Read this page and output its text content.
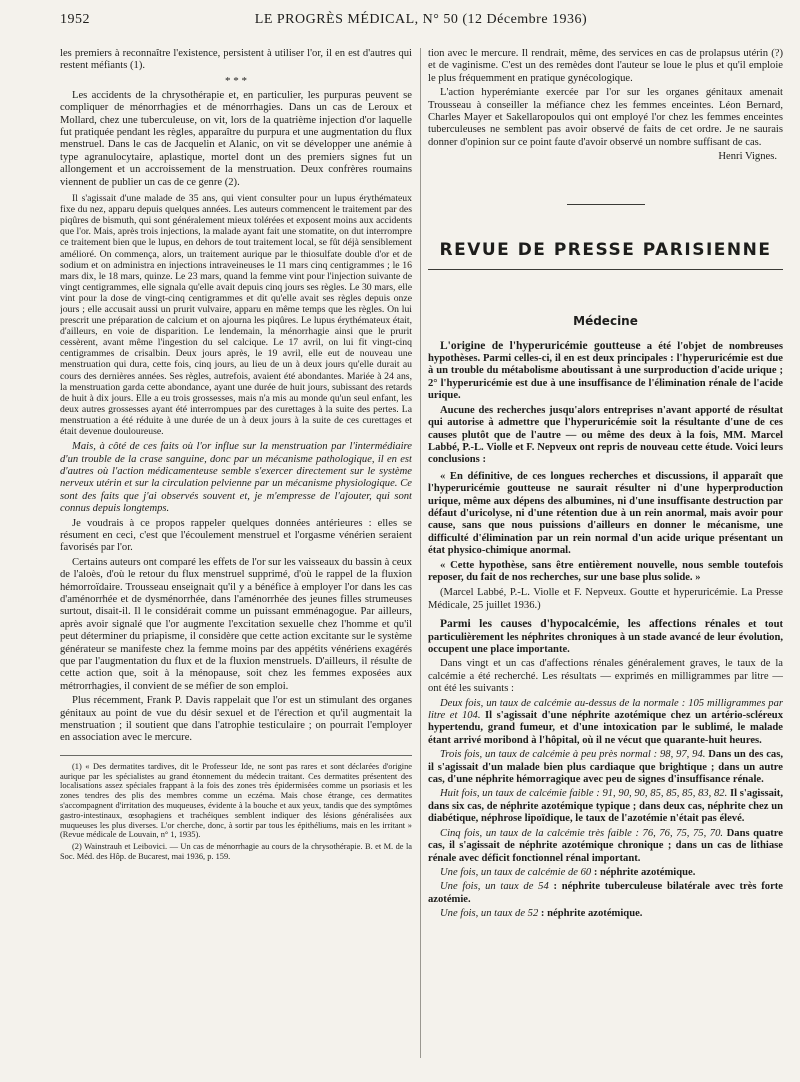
1952	LE PROGRÈS MÉDICAL, N° 50 (12 Décembre 1936)

les premiers à reconnaître l'existence, persistent à utiliser l'or, il en est d'autres qui restent méfiants (1).

* * *

Les accidents de la chrysothérapie et, en particulier, les purpuras peuvent se compliquer de ménorrhagies et de ménorrhagies. Dans un cas de Leroux et Mollard, chez une tuberculeuse, on vit, lors de la quatrième injection d'or laquelle fut pratiquée pendant les règles, apparaître du purpura et une augmentation du flux menstruel. Dans le cas de Jacquelin et Alanic, on vit se développer une anémie à type agranulocytaire, aplastique, mortel dont un des premiers signes fut un allongement et un accroissement de la menstruation. Deux confrères roumains viennent de publier un cas de ce genre (2).

Il s'agissait d'une malade de 35 ans, qui vient consulter pour un lupus érythémateux fixe du nez, apparu depuis quelques années. Les auteurs commencent le traitement par des piqûres de bismuth, qui sont généralement mieux tolérées et exposent moins aux accidents que l'or. Mais, après trois injections, la malade ayant fait une stomatite, on dut interrompre ce traitement bien que le lupus, en dehors de tout traitement local, se fût déjà sensiblement amélioré. On commença, alors, un traitement aurique par le thiosulfate double d'or et de sodium et on administra en injections intraveineuses le 11 mars cinq centigrammes ; le 16 mars dix, le 18 mars, quinze. Le 23 mars, quand la femme vint pour l'injection suivante de vingt centigrammes, elle signala qu'elle avait depuis cinq jours ses règles. Le 30 mars, elle vint pour la dose de vingt-cinq centigrammes et dit qu'elle avait ses règles depuis onze jours ; elle accusait aussi un prurit vulvaire, apparu en même temps que les règles. On lui prescrit une préparation de calcium et on ajourna les piqûres. Le lupus érythémateux était, d'ailleurs, en voie de disparition. Le lendemain, la ménorrhagie ainsi que le prurit cessèrent, avant même l'ingestion du sel calcique. Le 17 avril, on lui fit vingt-cinq centigrammes de crisalbin. Deux jours après, le 19 avril, elle eut de nouveau une menstruation qui dura, cette fois, cinq jours, au lieu de un à deux jours qu'elle durait au cours des dernières années. Ses règles, autrefois, avaient été abondantes. Mariée à 24 ans, la menstruation garda cette abondance, ayant une durée de huit jours, subissant des retards de huit à dix jours. Elle a eu trois grossesses, mais n'a mis au monde qu'un seul enfant, les deux autres grossesses ayant été interrompues par des curettages à la suite des pertes. La menstruation a été réduite à une durée de un à deux jours à la suite de ces curettages et était devenue douloureuse.

Mais, à côté de ces faits où l'or influe sur la menstruation par l'intermédiaire d'un trouble de la crase sanguine, donc par un mécanisme pathologique, il en est d'autres où l'action médicamenteuse semble s'exercer directement sur le système nerveux utérin et sur la circulation pelvienne par un mécanisme physiologique. Ce sont des faits que j'ai observés souvent et, je m'empresse de l'ajouter, qui sont connus depuis longtemps.

Je voudrais à ce propos rappeler quelques données antérieures : elles se résument en ceci, c'est que l'écoulement menstruel et l'orgasme vénérien seraient favorisés par l'or.

Certains auteurs ont comparé les effets de l'or sur les vaisseaux du bassin à ceux de l'aloès, d'où le retour du flux menstruel supprimé, d'où le rappel de la fluxion hémorroïdaire. Trousseau enseignait qu'il y a bénéfice à employer l'or dans les cas d'aménorrhée et de dysménorrhée, dans l'aménorrhée des jeunes filles strumeuses surtout, disait-il. Il le considérait comme un puissant emménagogue. Par ailleurs, après avoir signalé que l'or augmente l'excitation sexuelle chez l'homme et qu'il peut déterminer du priapisme, il considère que cette action excitante sur le système générateur se manifeste chez la femme moins par des appétits vénériens exagérés que par l'augmentation du flux et de la fluxion menstruels. D'ailleurs, il résulte de cette action que, soit à la ménopause, soit chez les femmes exposées aux métrorrhagies, il convient de se méfier de son emploi.

Plus récemment, Frank P. Davis rappelait que l'or est un stimulant des organes génitaux au point de vue du désir sexuel et de l'érection et qu'il augmentait la menstruation ; il soutient que dans l'atrophie testiculaire ; on pourrait l'employer en association avec le mercure.

(1) « Des dermatites tardives, dit le Professeur Ide, ne sont pas rares et sont déclarées d'origine aurique par les spécialistes au grand étonnement du médecin traitant. Ces dermatites présentent des localisations assez spéciales frappant à la fois des zones très épidermisées comme un psoriasis et les zones tendres des plis des membres comme un eczéma. Mais chose étrange, ces dermatites s'accompagnent d'irritation des muqueuses, évidente à la bouche et aux yeux, tandis que des symptômes gastro-intestinaux, œsophagiens et trachéiques semblent indiquer des lésions généralisées aux muqueuses les plus diverses. L'or cherche, donc, à sortir par tous les épithéliums, mais en les irritant » (Revue médicale de Louvain, n° 1, 1935).

(2) Wainstrauh et Leibovici. — Un cas de ménorrhagie au cours de la chrysothérapie. B. et M. de la Soc. Méd. des Hôp. de Bucarest, mai 1936, p. 159.

tion avec le mercure. Il rendrait, même, des services en cas de prolapsus utérin (?) et de vaginisme. C'est un des remèdes dont l'auteur se loue le plus et qu'il emploie le plus fréquemment en pratique gynécologique.

L'action hyperémiante exercée par l'or sur les organes génitaux amenait Trousseau à conseiller la méfiance chez les femmes enceintes. Léon Bernard, Charles Mayer et Sakellaropoulos qui ont employé l'or chez les femmes enceintes tuberculeuses ne semblent pas avoir observé de faits de cet ordre. Je ne saurais donner d'opinion sur ce point faute d'avoir observé un nombre suffisant de cas.

Henri Vignes.
REVUE DE PRESSE PARISIENNE
Médecine

L'origine de l'hyperuricémie goutteuse a été l'objet de nombreuses hypothèses. Parmi celles-ci, il en est deux principales : l'hyperuricémie est due à un trouble du métabolisme aboutissant à une surproduction d'acide urique ; 2° l'hyperuricémie est due à une insuffisance de l'élimination rénale de l'acide urique.

Aucune des recherches jusqu'alors entreprises n'avant apporté de résultat qui autorise à admettre que l'hyperuricémie soit la résultante d'une de ces causes plutôt que de l'autre — ou même des deux à la fois, MM. Marcel Labbé, P.-L. Violle et F. Nepveux ont repris de nouveau cette étude. Voici leurs conclusions :

« En définitive, de ces longues recherches et discussions, il apparaît que l'hyperuricémie goutteuse ne saurait résulter ni d'une hyperproduction urique, même aux dépens des albumines, ni d'une insuffisante destruction par défaut d'uricolyse, ni d'une rétention due à un rein anormal, mais avoir pour cause, sans que nous puissions d'ailleurs en donner le mécanisme, une difficulté d'élimination par un rein normal d'un acide urique présentant un état physico-chimique anormal.

« Cette hypothèse, sans être entièrement nouvelle, nous semble toutefois reposer, du fait de nos recherches, sur une base plus solide. »

(Marcel Labbé, P.-L. Violle et F. Nepveux. Goutte et hyperuricémie. La Presse Médicale, 25 juillet 1936.)

Parmi les causes d'hypocalcémie, les affections rénales et tout particulièrement les néphrites chroniques à un stade avancé de leur évolution, occupent une place importante.

Dans vingt et un cas d'affections rénales généralement graves, le taux de la calcémie a été recherché. Les résultats — exprimés en milligrammes par litre — ont été les suivants :

Deux fois, un taux de calcémie au-dessus de la normale : 105 milligrammes par litre et 104. Il s'agissait d'une néphrite azotémique chez un artério-scléreux hypertendu, grand fumeur, et d'une intoxication par le sublimé, le malade étant arrivé moribond à l'hôpital, où il ne vécut que quarante-huit heures.

Trois fois, un taux de calcémie à peu près normal : 98, 97, 94. Dans un des cas, il s'agissait d'un malade bien plus cardiaque que brightique ; dans un autre cas, d'une néphrite hémorragique avec peu de signes d'insuffisance rénale.

Huit fois, un taux de calcémie faible : 91, 90, 90, 85, 85, 85, 83, 82. Il s'agissait, dans six cas, de néphrite azotémique typique ; dans deux cas, néphrite chez un diabétique, néphrose lipoïdique, le taux de l'azotémie n'était pas élevé.

Cinq fois, un taux de la calcémie très faible : 76, 76, 75, 75, 70. Dans quatre cas, il s'agissait de néphrite azotémique chronique ; dans un cas de lithiase rénale avec déficit fonctionnel rénal important.

Une fois, un taux de calcémie de 60 : néphrite azotémique.

Une fois, un taux de 54 : néphrite tuberculeuse bilatérale avec très forte azotémie.

Une fois, un taux de 52 : néphrite azotémique.
